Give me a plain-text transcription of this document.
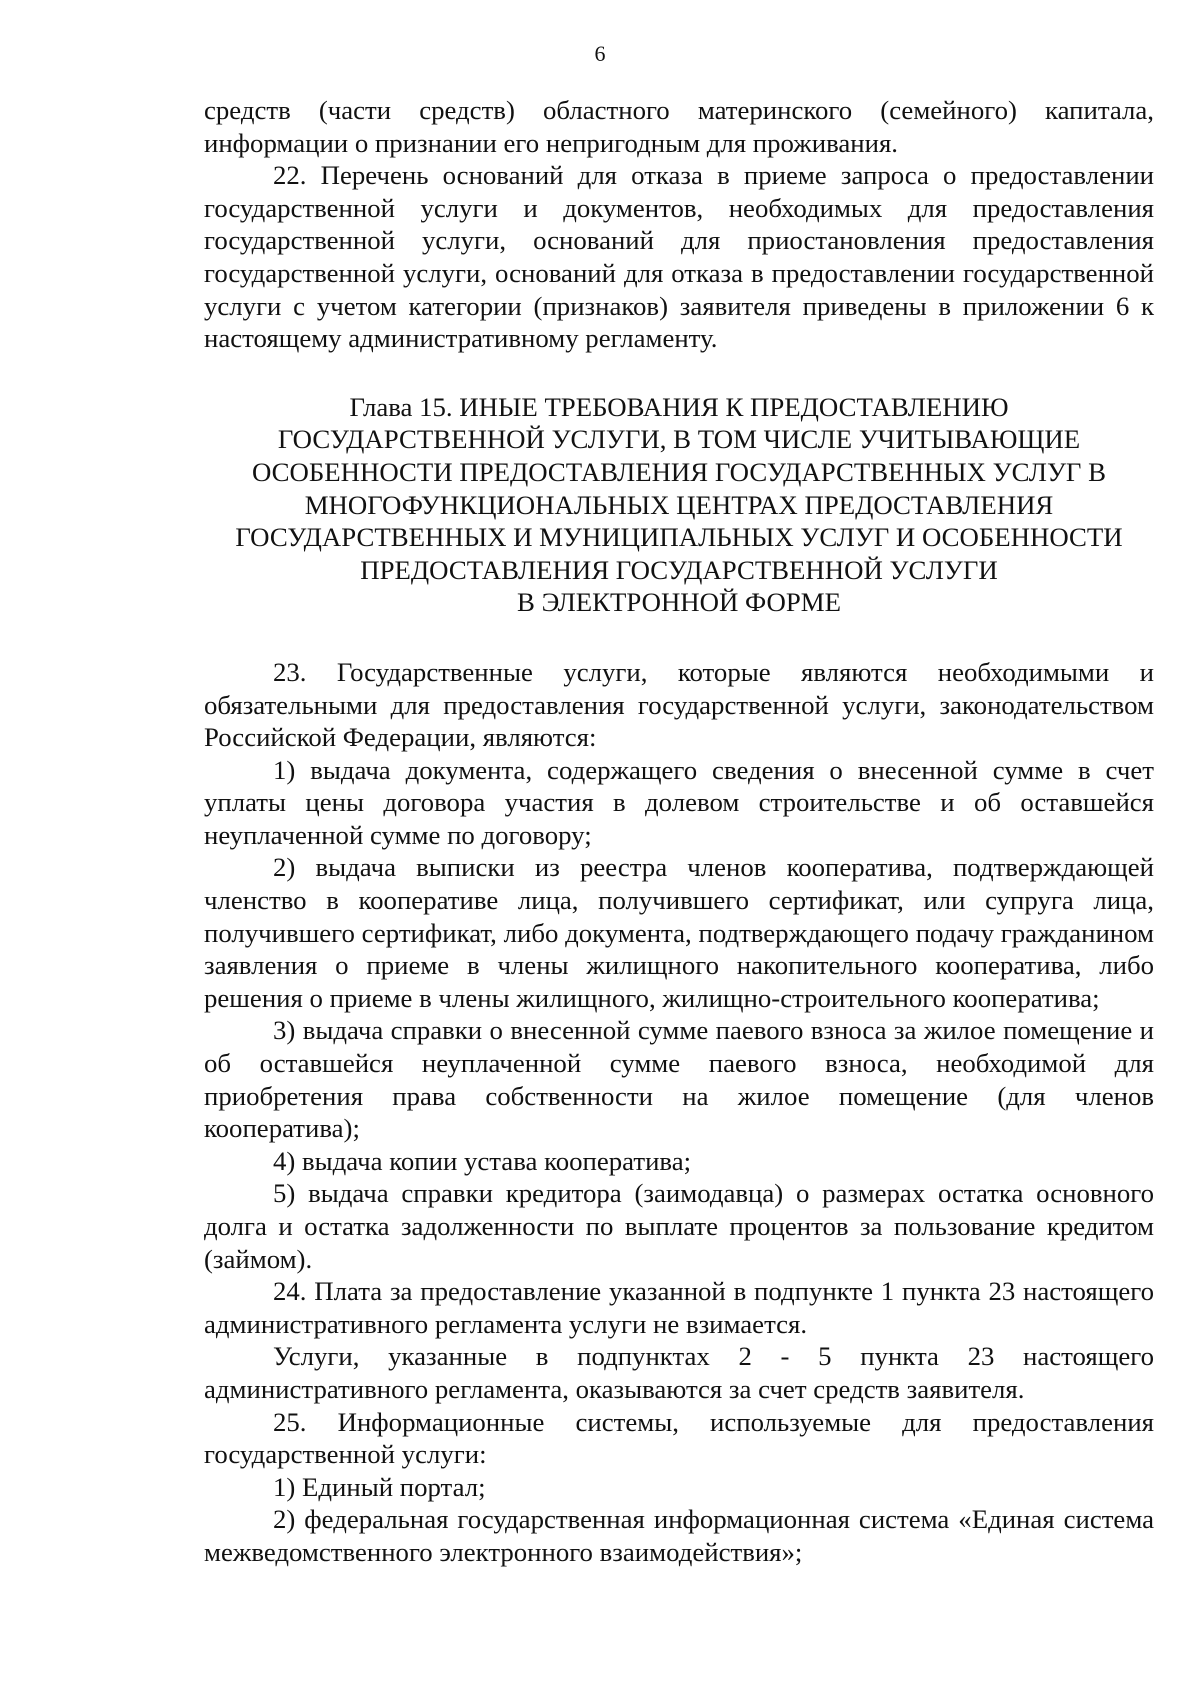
6

средств (части средств) областного материнского (семейного) капитала, информации о признании его непригодным для проживания.

22. Перечень оснований для отказа в приеме запроса о предоставлении государственной услуги и документов, необходимых для предоставления государственной услуги, оснований для приостановления предоставления государственной услуги, оснований для отказа в предоставлении государственной услуги с учетом категории (признаков) заявителя приведены в приложении 6 к настоящему административному регламенту.

Глава 15. ИНЫЕ ТРЕБОВАНИЯ К ПРЕДОСТАВЛЕНИЮ

ГОСУДАРСТВЕННОЙ УСЛУГИ, В ТОМ ЧИСЛЕ УЧИТЫВАЮЩИЕ

ОСОБЕННОСТИ ПРЕДОСТАВЛЕНИЯ ГОСУДАРСТВЕННЫХ УСЛУГ В

МНОГОФУНКЦИОНАЛЬНЫХ ЦЕНТРАХ ПРЕДОСТАВЛЕНИЯ

ГОСУДАРСТВЕННЫХ И МУНИЦИПАЛЬНЫХ УСЛУГ И ОСОБЕННОСТИ

ПРЕДОСТАВЛЕНИЯ ГОСУДАРСТВЕННОЙ УСЛУГИ

В ЭЛЕКТРОННОЙ ФОРМЕ

23. Государственные услуги, которые являются необходимыми и обязательными для предоставления государственной услуги, законодательством Российской Федерации, являются:

1) выдача документа, содержащего сведения о внесенной сумме в счет уплаты цены договора участия в долевом строительстве и об оставшейся неуплаченной сумме по договору;

2) выдача выписки из реестра членов кооператива, подтверждающей членство в кооперативе лица, получившего сертификат, или супруга лица, получившего сертификат, либо документа, подтверждающего подачу гражданином заявления о приеме в члены жилищного накопительного кооператива, либо решения о приеме в члены жилищного, жилищно-строительного кооператива;

3) выдача справки о внесенной сумме паевого взноса за жилое помещение и об оставшейся неуплаченной сумме паевого взноса, необходимой для приобретения права собственности на жилое помещение (для членов кооператива);

4) выдача копии устава кооператива;

5) выдача справки кредитора (заимодавца) о размерах остатка основного долга и остатка задолженности по выплате процентов за пользование кредитом (займом).

24. Плата за предоставление указанной в подпункте 1 пункта 23 настоящего административного регламента услуги не взимается.

Услуги, указанные в подпунктах 2 - 5 пункта 23 настоящего административного регламента, оказываются за счет средств заявителя.

25. Информационные системы, используемые для предоставления государственной услуги:

1) Единый портал;

2) федеральная государственная информационная система «Единая система межведомственного электронного взаимодействия»;
